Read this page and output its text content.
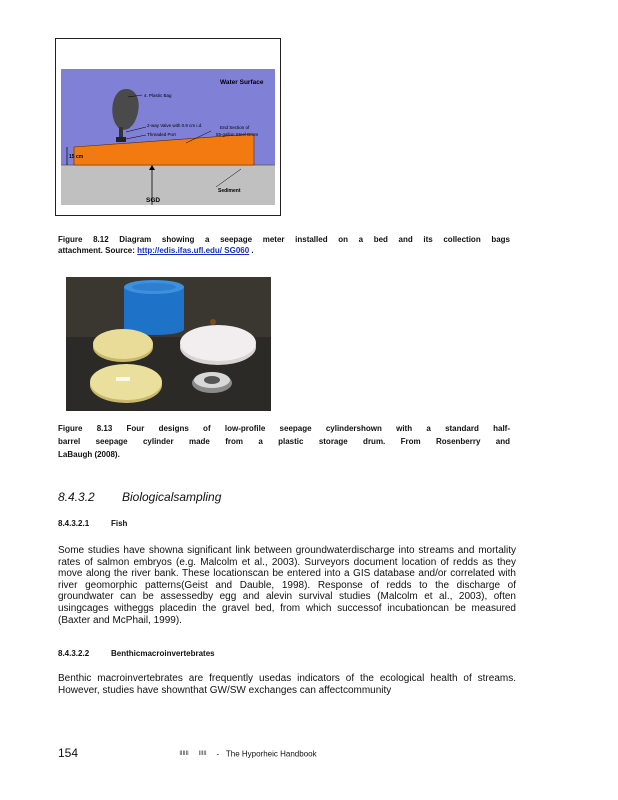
Water Surface
4. Plastic Bag
2-way Valve with 0.9 cm i.d.
Threaded Port
End Section of
55-gallon Steel Drum
15 cm
Sediment
SGD
Figure 8.12 Diagram showing a seepage meter installed on a bed and its collection bags
attachment. Source: http://edis.ifas.ufl.edu/ SG060 .
Figure 8.13 Four designs of low-profile seepage cylindershown with a standard half-
barrel seepage cylinder made from a plastic storage drum. From Rosenberry and
LaBaugh (2008).
8.4.3.2 Biologicalsampling
8.4.3.2.1	Fish
Some studies have showna significant link between groundwaterdischarge into streams and mortality rates of salmon embryos (e.g. Malcolm et al., 2003). Surveyors document location of redds as they move along the river bank. These locationscan be entered into a GIS database and/or correlated with river geomorphic patterns(Geist and Dauble, 1998). Response of redds to the discharge of groundwater can be assessedby egg and alevin survival studies (Malcolm et al., 2003), often usingcages witheggs placedin the gravel bed, from which successof incubationcan be measured (Baxter and McPhail, 1999).
8.4.3.2.2	Benthicmacroinvertebrates
Benthic macroinvertebrates are frequently usedas indicators of the ecological health of streams. However, studies have shownthat GW/SW exchanges can affectcommunity
154	ǀǀǀǀǀǀ ǀǀǀǀǀ - The Hyporheic Handbook
